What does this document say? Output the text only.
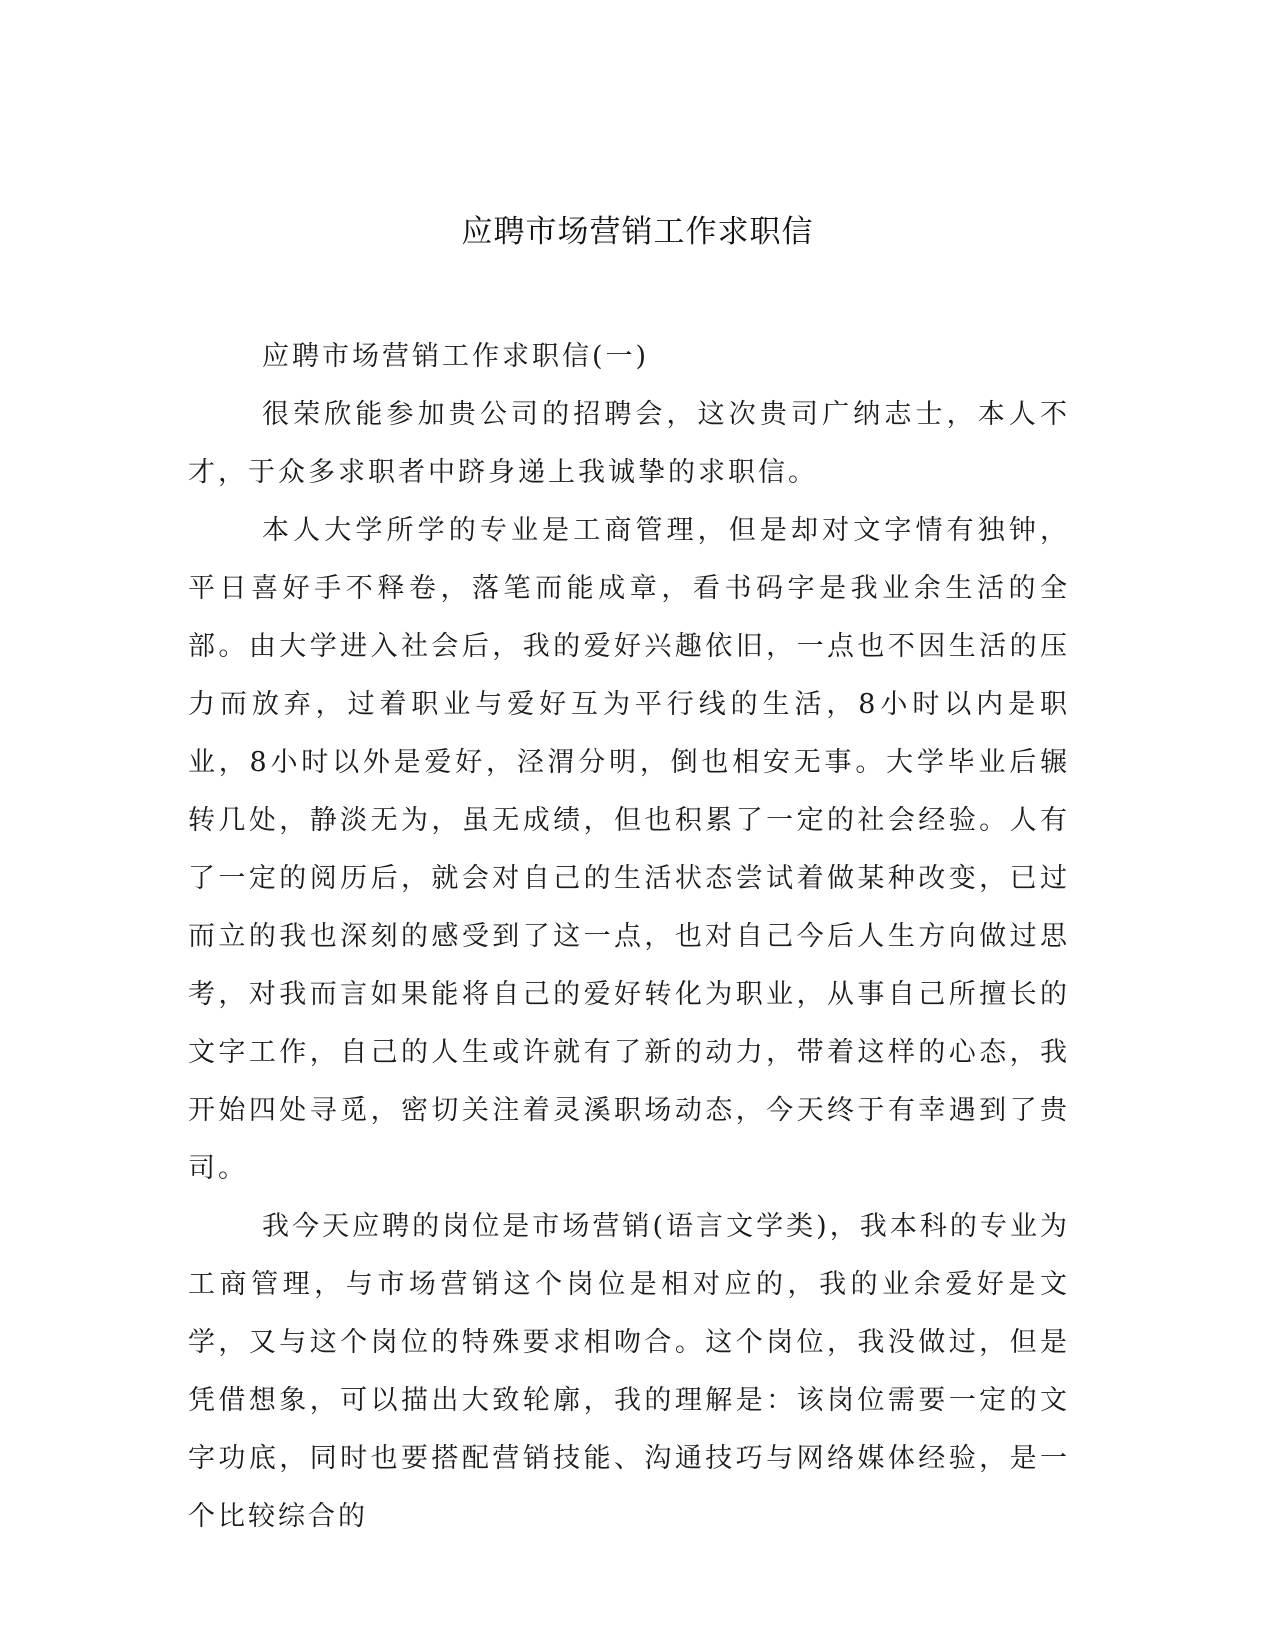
应聘市场营销工作求职信

应聘市场营销工作求职信(一)

很荣欣能参加贵公司的招聘会，这次贵司广纳志士，本人不才，于众多求职者中跻身递上我诚挚的求职信。

本人大学所学的专业是工商管理，但是却对文字情有独钟，平日喜好手不释卷，落笔而能成章，看书码字是我业余生活的全部。由大学进入社会后，我的爱好兴趣依旧，一点也不因生活的压力而放弃，过着职业与爱好互为平行线的生活，8小时以内是职业，8小时以外是爱好，泾渭分明，倒也相安无事。大学毕业后辗转几处，静淡无为，虽无成绩，但也积累了一定的社会经验。人有了一定的阅历后，就会对自己的生活状态尝试着做某种改变，已过而立的我也深刻的感受到了这一点，也对自己今后人生方向做过思考，对我而言如果能将自己的爱好转化为职业，从事自己所擅长的文字工作，自己的人生或许就有了新的动力，带着这样的心态，我开始四处寻觅，密切关注着灵溪职场动态，今天终于有幸遇到了贵司。

我今天应聘的岗位是市场营销(语言文学类)，我本科的专业为工商管理，与市场营销这个岗位是相对应的，我的业余爱好是文学，又与这个岗位的特殊要求相吻合。这个岗位，我没做过，但是凭借想象，可以描出大致轮廓，我的理解是：该岗位需要一定的文字功底，同时也要搭配营销技能、沟通技巧与网络媒体经验，是一个比较综合的
